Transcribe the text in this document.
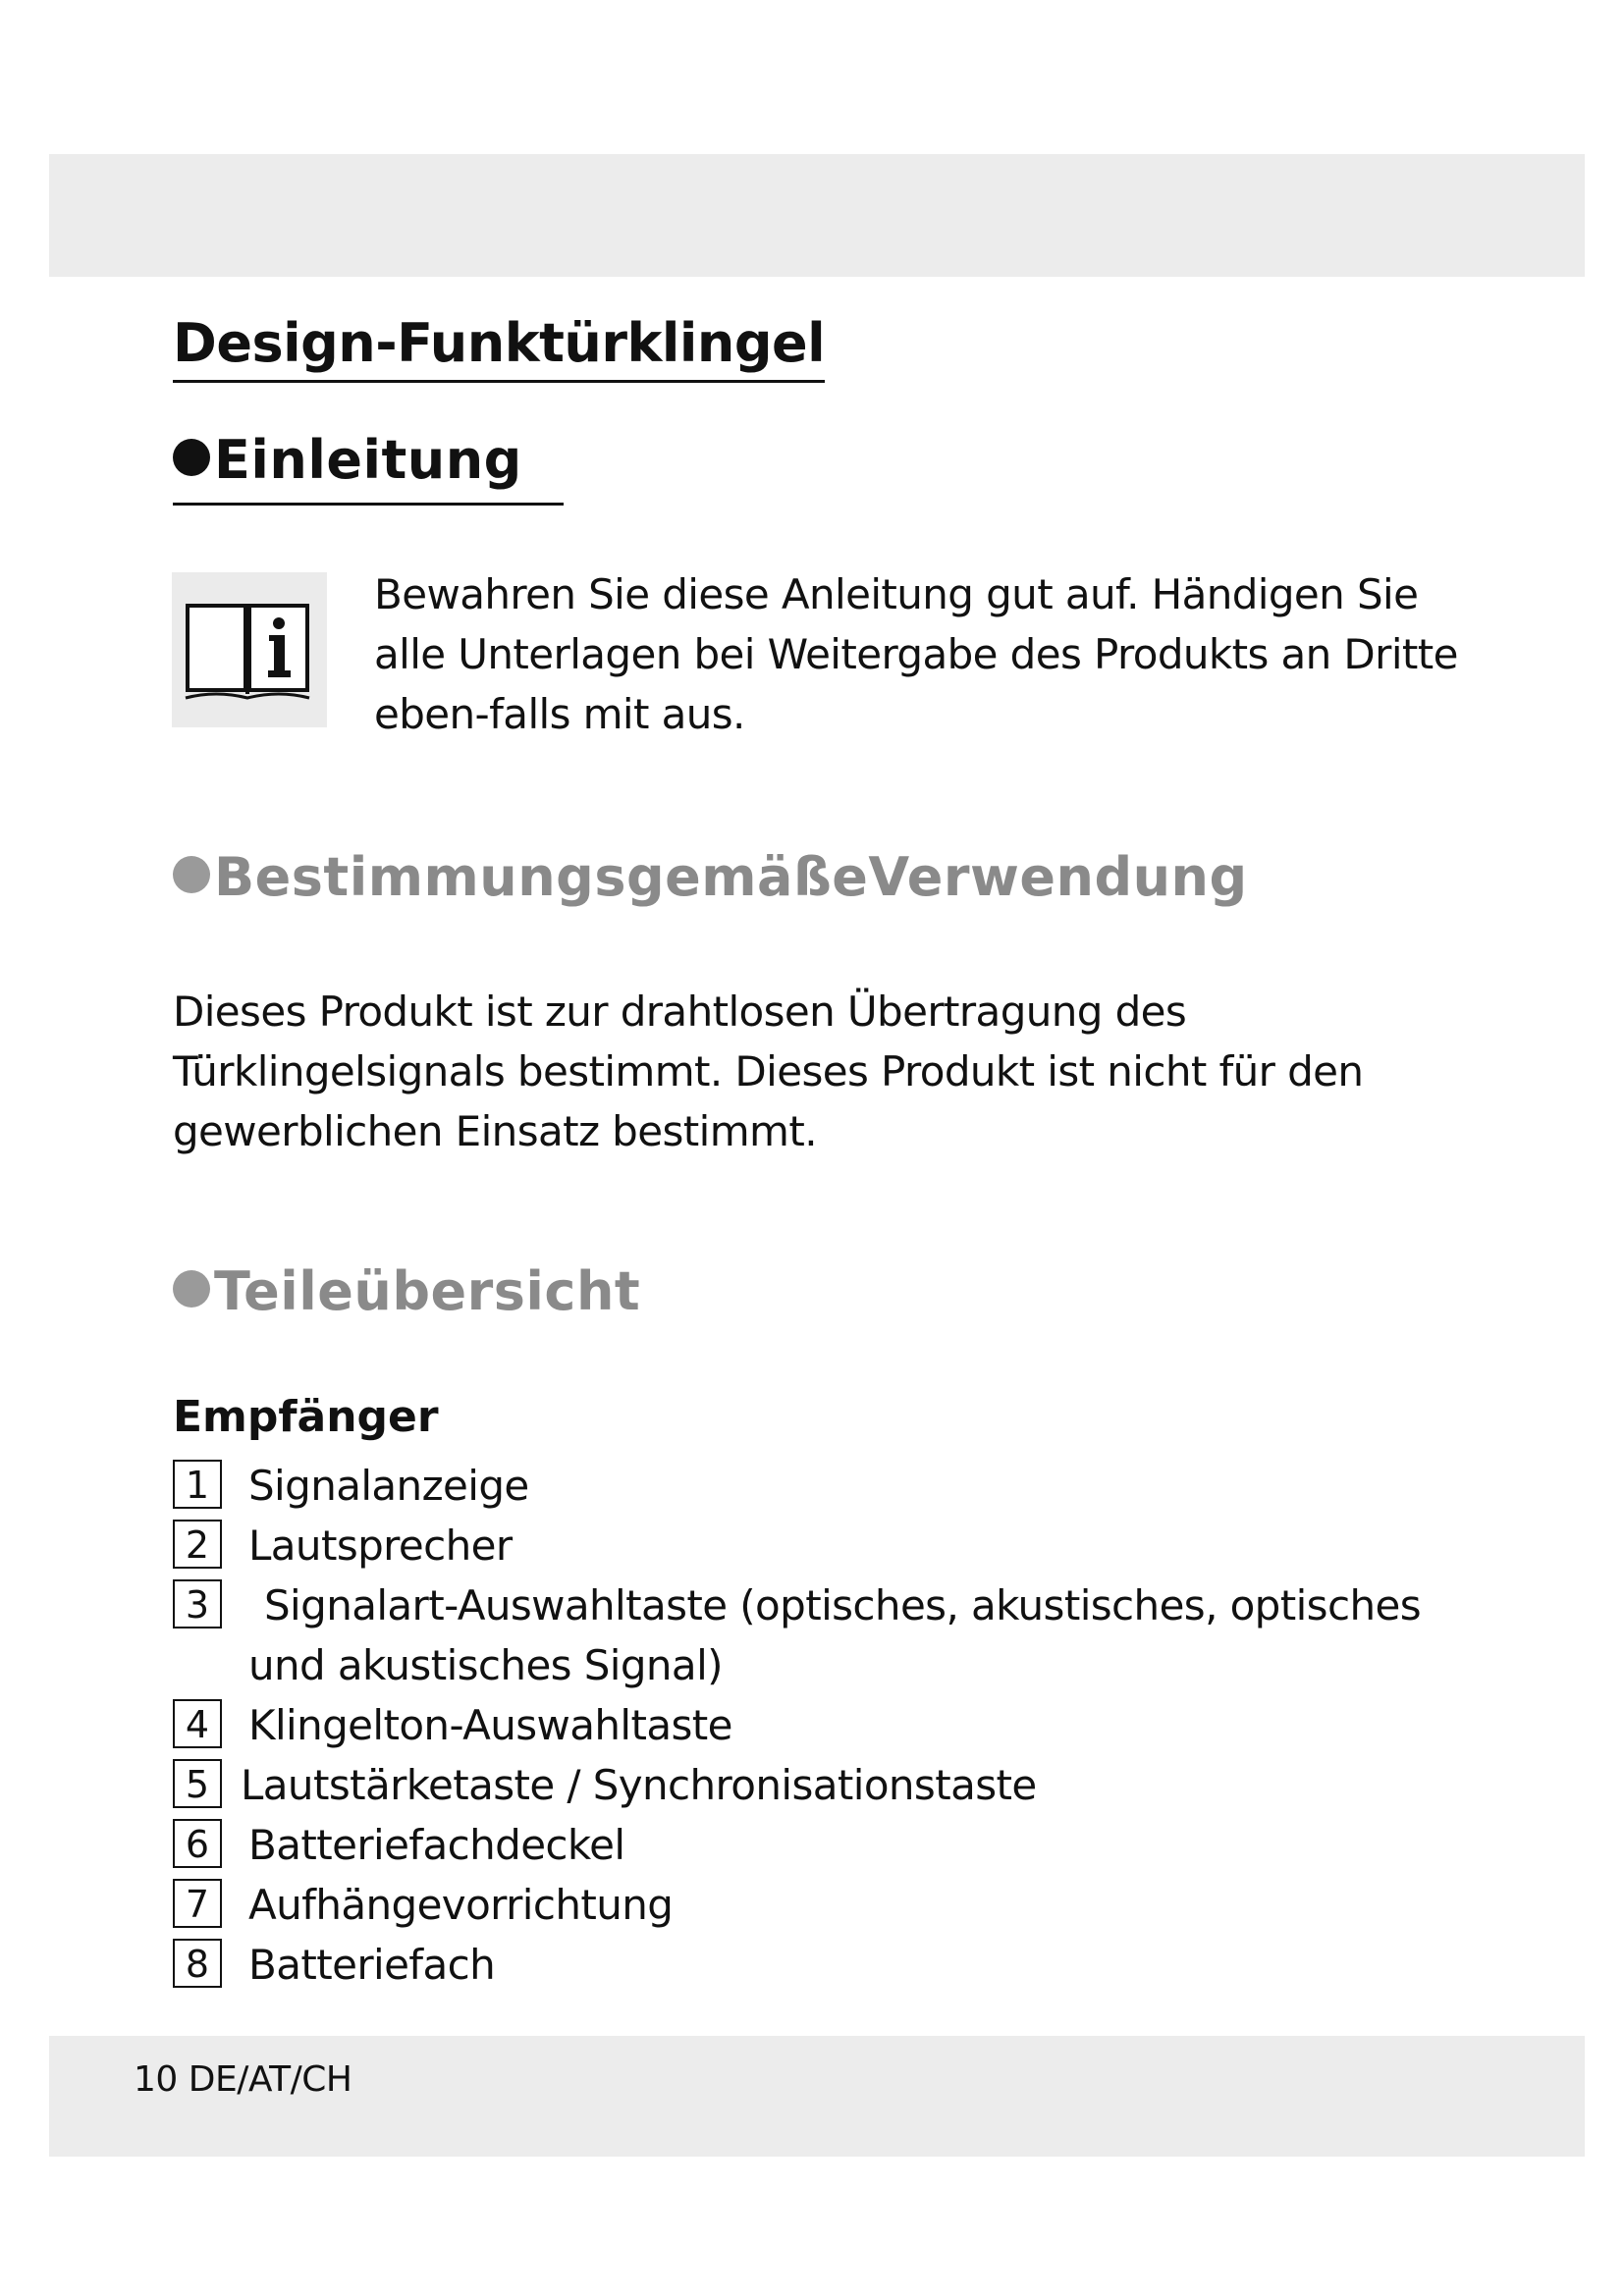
Design-Funktürklingel
Einleitung
Bewahren Sie diese Anleitung gut auf. Händigen Sie alle Unterlagen bei Weitergabe des Produkts an Dritte eben-falls mit aus.
BestimmungsgemäßeVerwendung
Dieses Produkt ist zur drahtlosen Übertragung des Türklingelsignals bestimmt. Dieses Produkt ist nicht für den gewerblichen Einsatz bestimmt.
Teileübersicht
Empfänger
1 Signalanzeige
2 Lautsprecher
3	Signalart-Auswahltaste (optisches, akustisches, optisches und akustisches Signal)
4 Klingelton-Auswahltaste
5 Lautstärketaste / Synchronisationstaste
6 Batteriefachdeckel
7 Aufhängevorrichtung
8 Batteriefach
10 DE/AT/CH
